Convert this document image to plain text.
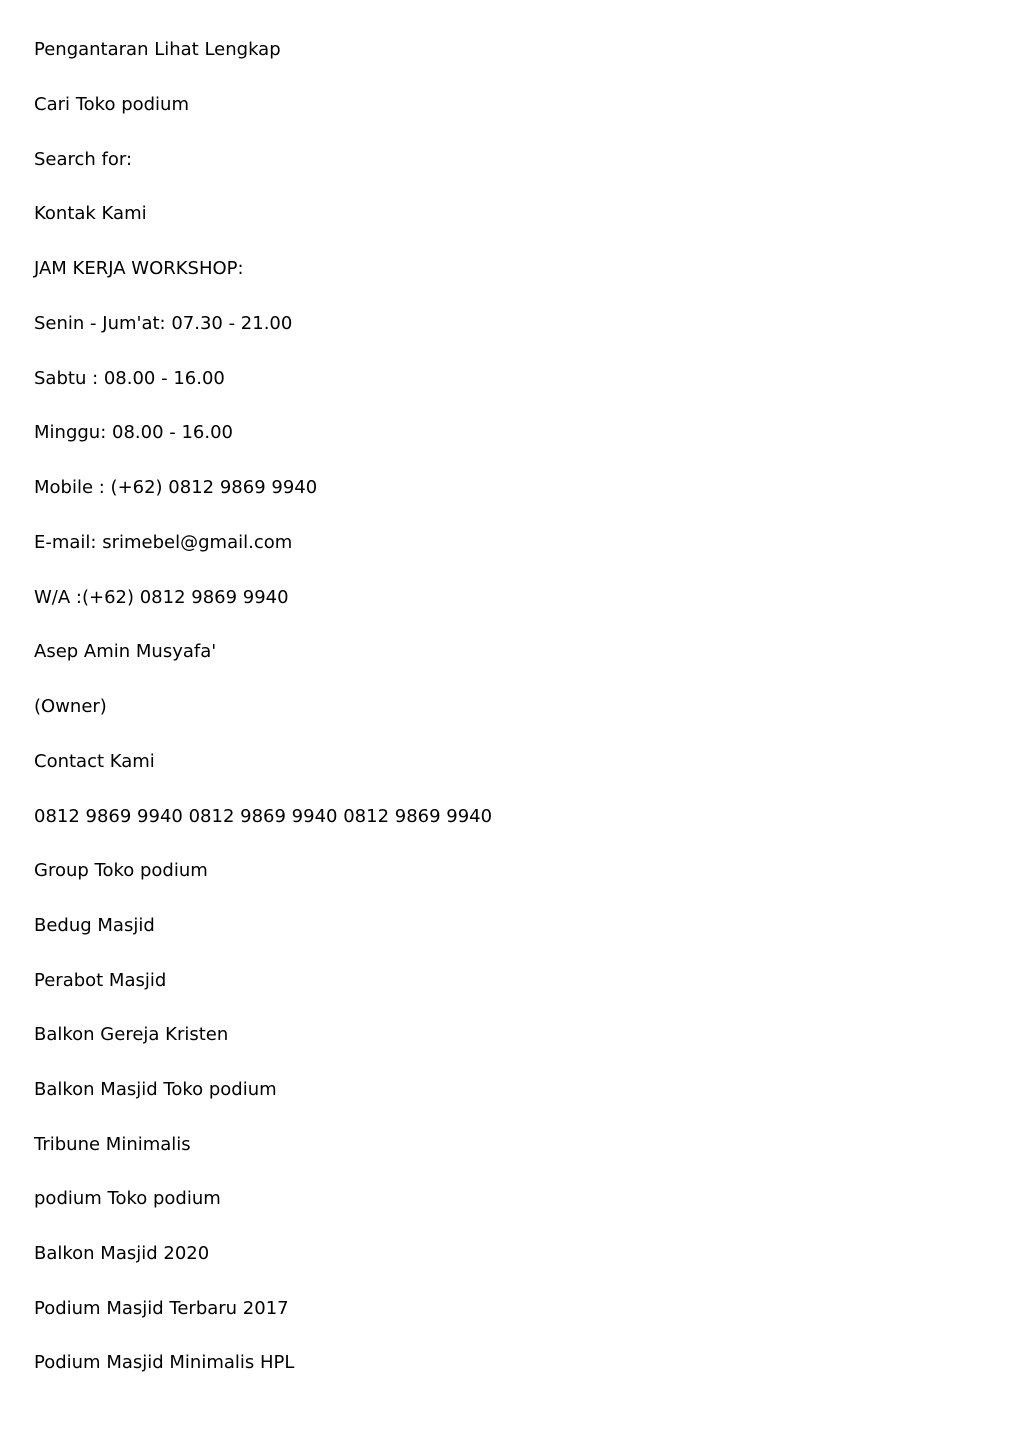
Pengantaran Lihat Lengkap

Cari Toko podium

Search for:

Kontak Kami

JAM KERJA WORKSHOP:

Senin - Jum'at: 07.30 - 21.00

Sabtu : 08.00 - 16.00

Minggu: 08.00 - 16.00

Mobile : (+62) 0812 9869 9940

E-mail: srimebel@gmail.com

W/A :(+62) 0812 9869 9940

Asep Amin Musyafa'

(Owner)

Contact Kami

0812 9869 9940 0812 9869 9940 0812 9869 9940

Group Toko podium

Bedug Masjid

Perabot Masjid

Balkon Gereja Kristen

Balkon Masjid Toko podium

Tribune Minimalis

podium Toko podium

Balkon Masjid 2020

Podium Masjid Terbaru 2017

Podium Masjid Minimalis HPL
